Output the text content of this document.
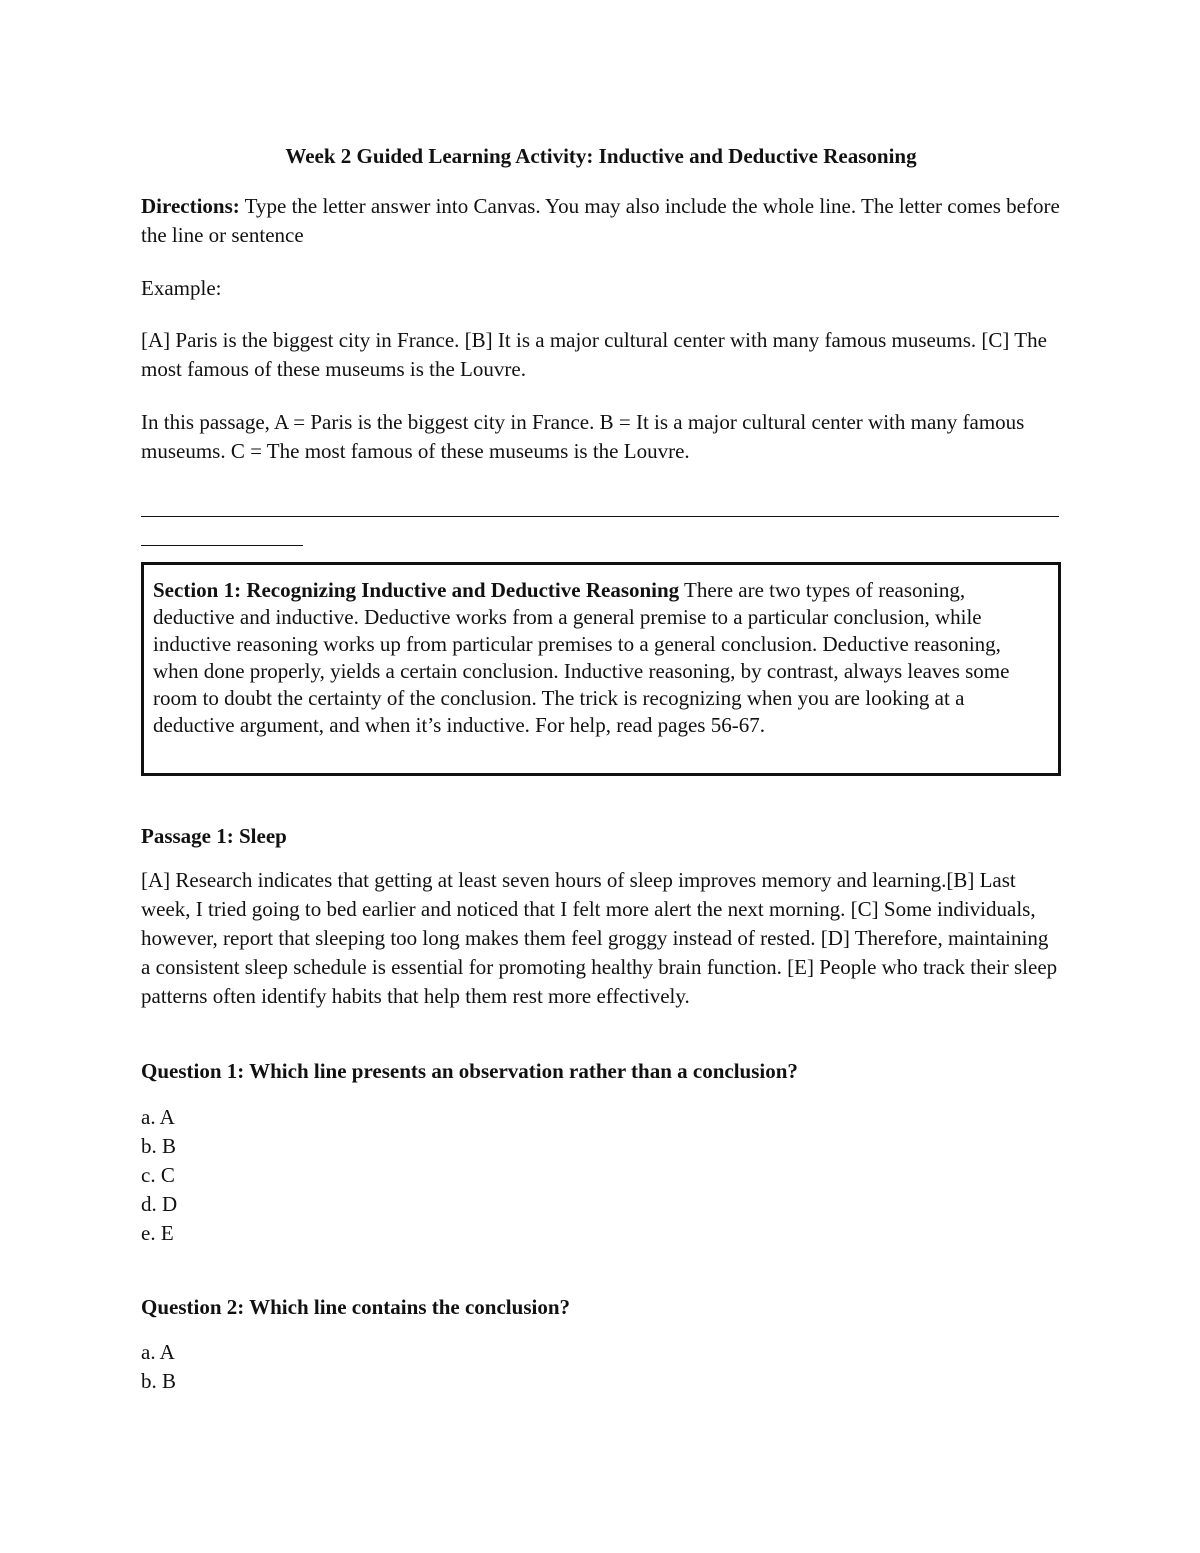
Week 2 Guided Learning Activity: Inductive and Deductive Reasoning

Directions: Type the letter answer into Canvas. You may also include the whole line. The letter comes before the line or sentence

Example:

[A] Paris is the biggest city in France. [B] It is a major cultural center with many famous museums. [C] The most famous of these museums is the Louvre.

In this passage, A = Paris is the biggest city in France. B = It is a major cultural center with many famous museums. C = The most famous of these museums is the Louvre.

Section 1: Recognizing Inductive and Deductive Reasoning There are two types of reasoning, deductive and inductive. Deductive works from a general premise to a particular conclusion, while inductive reasoning works up from particular premises to a general conclusion. Deductive reasoning, when done properly, yields a certain conclusion. Inductive reasoning, by contrast, always leaves some room to doubt the certainty of the conclusion. The trick is recognizing when you are looking at a deductive argument, and when it’s inductive. For help, read pages 56-67.

Passage 1: Sleep

[A] Research indicates that getting at least seven hours of sleep improves memory and learning.[B] Last week, I tried going to bed earlier and noticed that I felt more alert the next morning. [C] Some individuals, however, report that sleeping too long makes them feel groggy instead of rested. [D] Therefore, maintaining a consistent sleep schedule is essential for promoting healthy brain function. [E] People who track their sleep patterns often identify habits that help them rest more effectively.

Question 1: Which line presents an observation rather than a conclusion?

a. A
b. B
c. C
d. D
e. E

Question 2: Which line contains the conclusion?

a. A
b. B
